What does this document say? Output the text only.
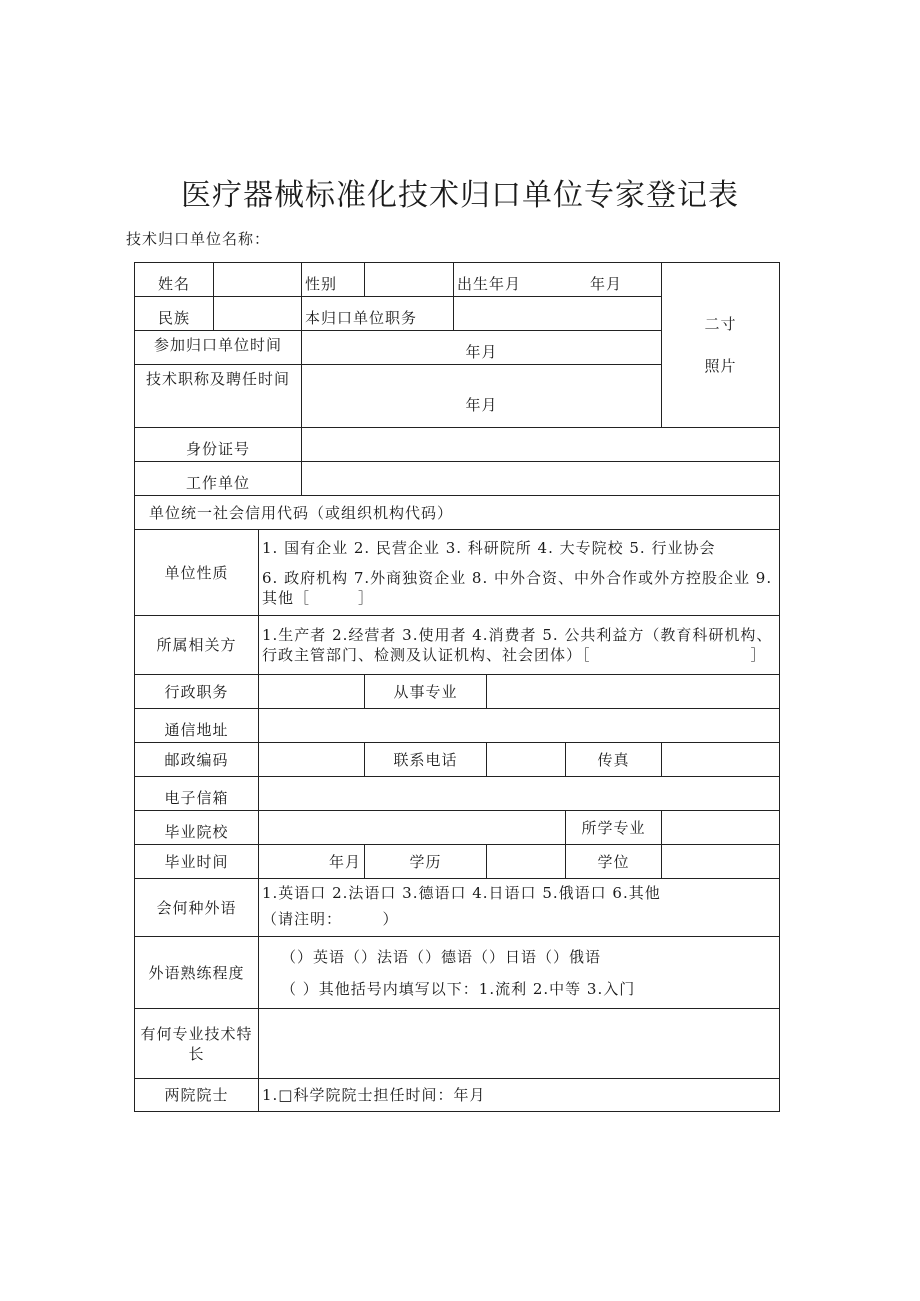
医疗器械标准化技术归口单位专家登记表
技术归口单位名称：
姓名			性别		出生年月 年月			二寸
照片

民族			本归口单位职务					
参加归口单位时间			年月					
技术职称及聘任时间			年月					
身份证号								
工作单位								
单位统一社会信用代码（或组织机构代码）								
单位性质		1. 国有企业 2. 民营企业 3. 科研院所 4. 大专院校 5. 行业协会
6. 政府机构 7.外商独资企业 8. 中外合资、中外合作或外方控股企业 9. 其他［　　　］						

所属相关方		1.生产者 2.经营者 3.使用者 4.消费者 5. 公共利益方（教育科研机构、行政主管部门、检测及认证机构、社会团体）［　　　　　　　　　　］						
行政职务				从事专业				
通信地址								
邮政编码				联系电话			传真	
电子信箱								
毕业院校							所学专业	
毕业时间		年月		学历			学位	
会何种外语		1.英语口 2.法语口 3.德语口 4.日语口 5.俄语口 6.其他
（请注明：　　　）						

外语熟练程度		（）英语（）法语（）德语（）日语（）俄语
（ ）其他括号内填写以下：1.流利 2.中等 3.入门						

有何专业技术特长								
两院院士		1.□科学院院士担任时间：年月						
